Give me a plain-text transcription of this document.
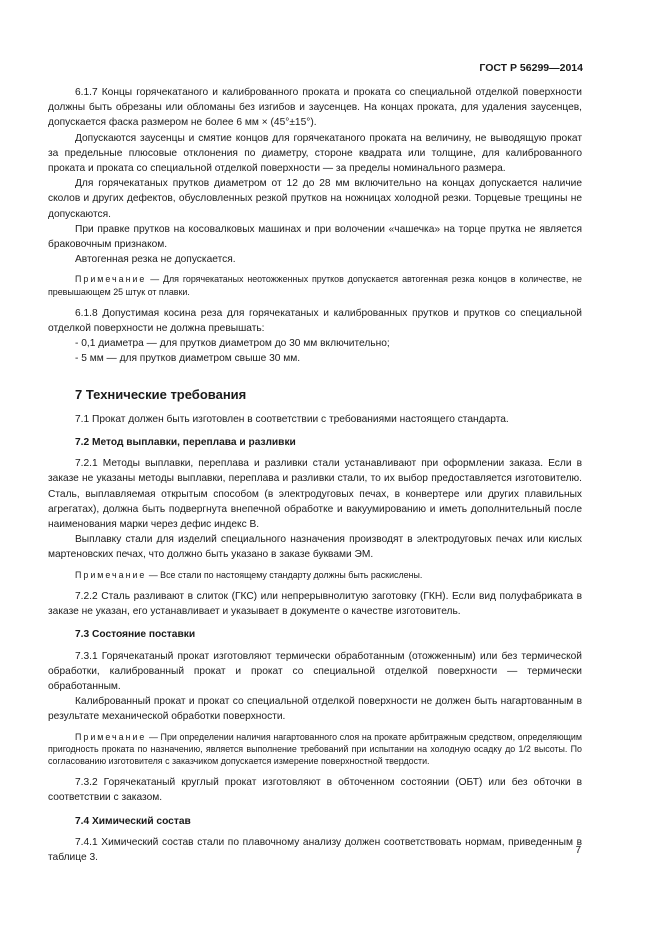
ГОСТ Р 56299—2014

6.1.7 Концы горячекатаного и калиброванного проката и проката со специальной отделкой поверхности должны быть обрезаны или обломаны без изгибов и заусенцев. На концах проката, для удаления заусенцев, допускается фаска размером не более 6 мм × (45°±15°).

Допускаются заусенцы и смятие концов для горячекатаного проката на величину, не выводящую прокат за предельные плюсовые отклонения по диаметру, стороне квадрата или толщине, для калиброванного проката и проката со специальной отделкой поверхности — за пределы номинального размера.

Для горячекатаных прутков диаметром от 12 до 28 мм включительно на концах допускается наличие сколов и других дефектов, обусловленных резкой прутков на ножницах холодной резки. Торцевые трещины не допускаются.

При правке прутков на косовалковых машинах и при волочении «чашечка» на торце прутка не является браковочным признаком.

Автогенная резка не допускается.

Примечание — Для горячекатаных неотожженных прутков допускается автогенная резка концов в количестве, не превышающем 25 штук от плавки.

6.1.8 Допустимая косина реза для горячекатаных и калиброванных прутков и прутков со специальной отделкой поверхности не должна превышать:

- 0,1 диаметра — для прутков диаметром до 30 мм включительно;

- 5 мм — для прутков диаметром свыше 30 мм.

7 Технические требования

7.1 Прокат должен быть изготовлен в соответствии с требованиями настоящего стандарта.

7.2 Метод выплавки, переплава и разливки

7.2.1 Методы выплавки, переплава и разливки стали устанавливают при оформлении заказа. Если в заказе не указаны методы выплавки, переплава и разливки стали, то их выбор предоставляется изготовителю. Сталь, выплавляемая открытым способом (в электродуговых печах, в конвертере или других плавильных агрегатах), должна быть подвергнута внепечной обработке и вакуумированию и иметь дополнительный после наименования марки через дефис индекс В.

Выплавку стали для изделий специального назначения производят в электродуговых печах или кислых мартеновских печах, что должно быть указано в заказе буквами ЭМ.

Примечание — Все стали по настоящему стандарту должны быть раскислены.

7.2.2 Сталь разливают в слиток (ГКС) или непрерывнолитую заготовку (ГКН). Если вид полуфабриката в заказе не указан, его устанавливает и указывает в документе о качестве изготовитель.

7.3 Состояние поставки

7.3.1 Горячекатаный прокат изготовляют термически обработанным (отожженным) или без термической обработки, калиброванный прокат и прокат со специальной отделкой поверхности — термически обработанным.

Калиброванный прокат и прокат со специальной отделкой поверхности не должен быть нагартованным в результате механической обработки поверхности.

Примечание — При определении наличия нагартованного слоя на прокате арбитражным средством, определяющим пригодность проката по назначению, является выполнение требований при испытании на холодную осадку до 1/2 высоты. По согласованию изготовителя с заказчиком допускается измерение поверхностной твердости.

7.3.2 Горячекатаный круглый прокат изготовляют в обточенном состоянии (ОБТ) или без обточки в соответствии с заказом.

7.4 Химический состав

7.4.1 Химический состав стали по плавочному анализу должен соответствовать нормам, приведенным в таблице 3.

7
